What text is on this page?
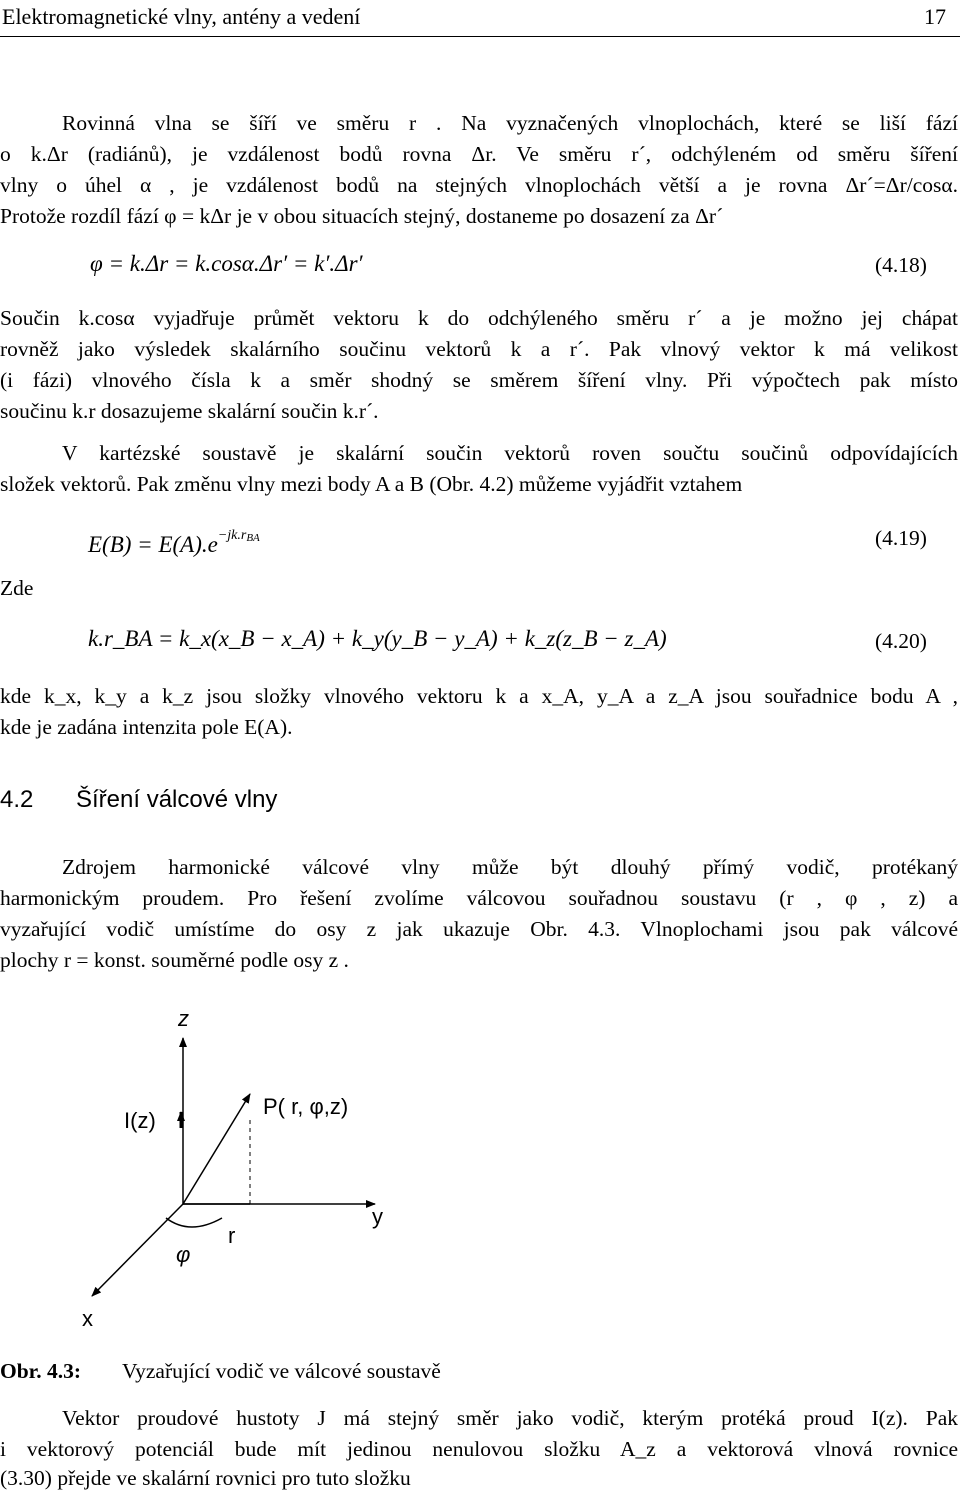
Elektromagnetické vlny, antény a vedení	17
Rovinná vlna se šíří ve směru r . Na vyznačených vlnoplochách, které se liší fází
o k.Δr (radiánů), je vzdálenost bodů rovna Δr. Ve směru r´, odchýleném od směru šíření
vlny o úhel α , je vzdálenost bodů na stejných vlnoplochách větší a je rovna Δr´=Δr/cosα.
Protože rozdíl fází φ = kΔr je v obou situacích stejný, dostaneme po dosazení za Δr´
φ = k.Δr = k.cosα.Δr′ = k′.Δr′	(4.18)
Součin k.cosα vyjadřuje průmět vektoru k do odchýleného směru r´ a je možno jej chápat
rovněž jako výsledek skalárního součinu vektorů k a r´. Pak vlnový vektor k má velikost
(i fázi) vlnového čísla k a směr shodný se směrem šíření vlny. Při výpočtech pak místo
součinu k.r dosazujeme skalární součin k.r´.
V kartézské soustavě je skalární součin vektorů roven součtu součinů odpovídajících
složek vektorů. Pak změnu vlny mezi body A a B (Obr. 4.2) můžeme vyjádřit vztahem
$E(B) = E(A).e^{-jk.r_{BA}}$	(4.19)
Zde
k.r_BA = k_x(x_B − x_A) + k_y(y_B − y_A) + k_z(z_B − z_A)	(4.20)
kde k_x, k_y a k_z jsou složky vlnového vektoru k a x_A, y_A a z_A jsou souřadnice bodu A ,
kde je zadána intenzita pole E(A).
4.2 Šíření válcové vlny
Zdrojem harmonické válcové vlny může být dlouhý přímý vodič, protékaný
harmonickým proudem. Pro řešení zvolíme válcovou souřadnou soustavu (r , φ , z) a
vyzařující vodič umístíme do osy z jak ukazuje Obr. 4.3. Vlnoplochami jsou pak válcové
plochy r = konst. souměrné podle osy z .
z
I(z)
P( r, φ,z)
y
r
φ
x
Obr. 4.3: Vyzařující vodič ve válcové soustavě
Vektor proudové hustoty J má stejný směr jako vodič, kterým protéká proud I(z). Pak
i vektorový potenciál bude mít jedinou nenulovou složku A_z a vektorová vlnová rovnice
(3.30) přejde ve skalární rovnici pro tuto složku
